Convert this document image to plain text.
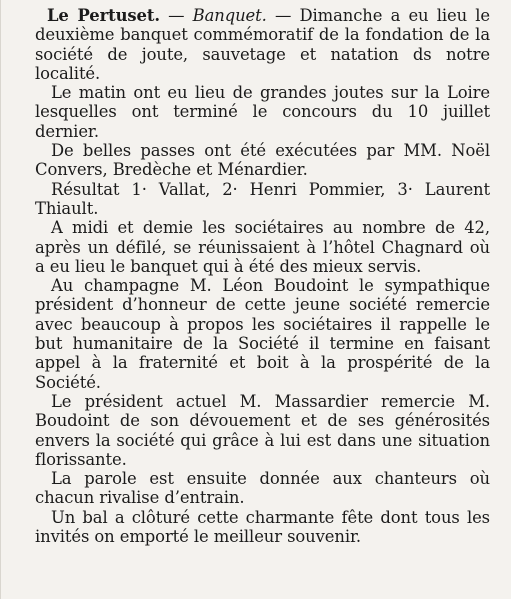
Le Pertuset. — Banquet. — Dimanche a eu lieu le deuxième banquet commémoratif de la fondation de la société de joute, sauvetage et natation ds notre localité.

Le matin ont eu lieu de grandes joutes sur la Loire lesquelles ont terminé le concours du 10 juillet dernier.

De belles passes ont été exécutées par MM. Noël Convers, Bredèche et Ménardier.

Résultat 1· Vallat, 2· Henri Pommier, 3· Laurent Thiault.

A midi et demie les sociétaires au nombre de 42, après un défilé, se réunissaient à l’hôtel Chagnard où a eu lieu le banquet qui à été des mieux servis.

Au champagne M. Léon Boudoint le sympathique président d’honneur de cette jeune société remercie avec beaucoup à propos les sociétaires il rappelle le but humanitaire de la Société il termine en faisant appel à la fraternité et boit à la prospérité de la Société.

Le président actuel M. Massardier remercie M. Boudoint de son dévouement et de ses générosités envers la société qui grâce à lui est dans une situation florissante.

La parole est ensuite donnée aux chanteurs où chacun rivalise d’entrain.

Un bal a clôturé cette charmante fête dont tous les invités on emporté le meilleur souvenir.
